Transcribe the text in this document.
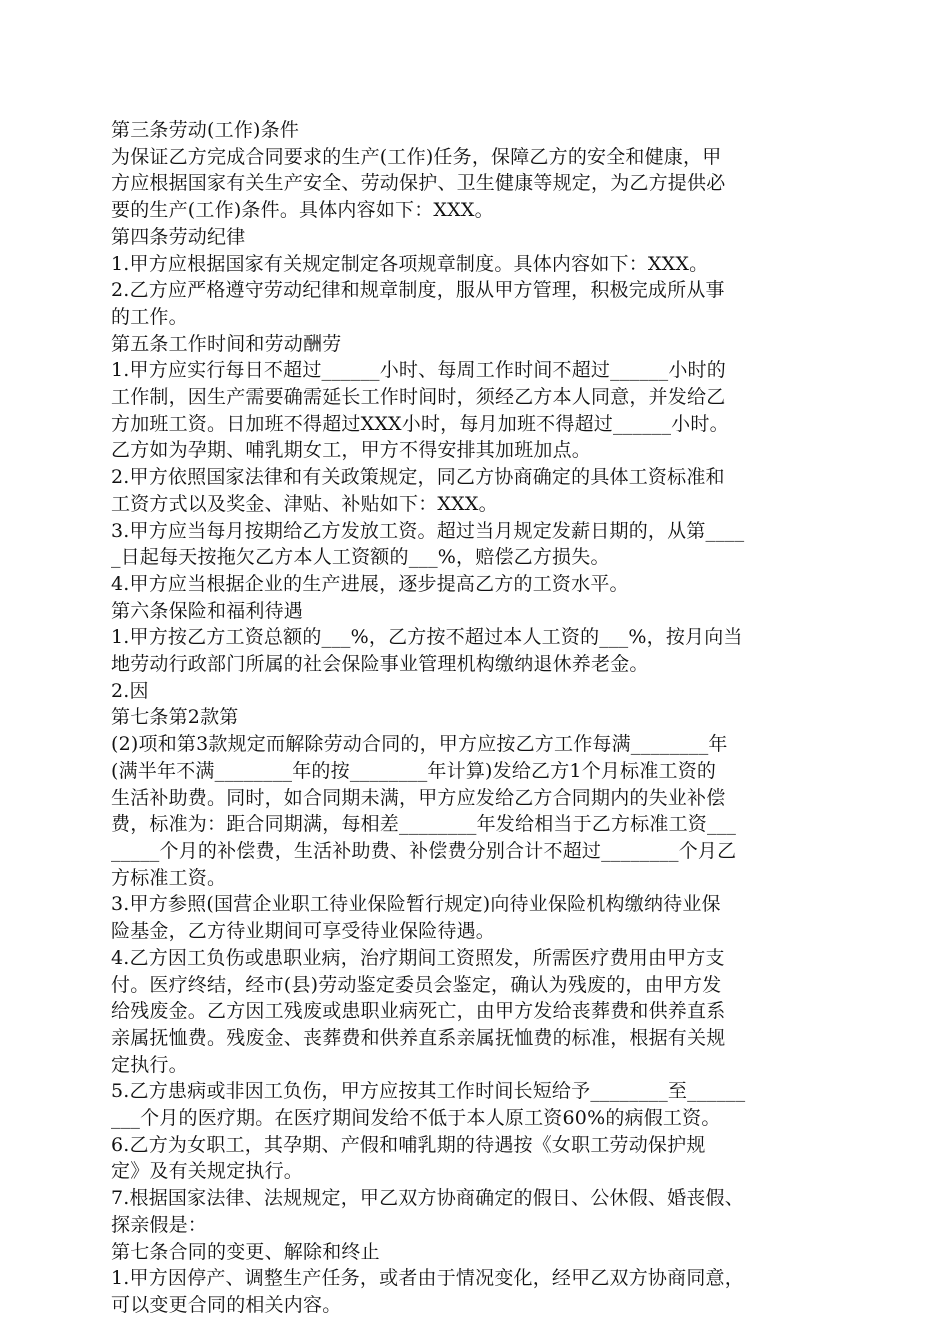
第三条劳动(工作)条件
为保证乙方完成合同要求的生产(工作)任务，保障乙方的安全和健康，甲
方应根据国家有关生产安全、劳动保护、卫生健康等规定，为乙方提供必
要的生产(工作)条件。具体内容如下：XXX。
第四条劳动纪律
1.甲方应根据国家有关规定制定各项规章制度。具体内容如下：XXX。
2.乙方应严格遵守劳动纪律和规章制度，服从甲方管理，积极完成所从事
的工作。
第五条工作时间和劳动酬劳
1.甲方应实行每日不超过______小时、每周工作时间不超过______小时的
工作制，因生产需要确需延长工作时间时，须经乙方本人同意，并发给乙
方加班工资。日加班不得超过XXX小时，每月加班不得超过______小时。
乙方如为孕期、哺乳期女工，甲方不得安排其加班加点。
2.甲方依照国家法律和有关政策规定，同乙方协商确定的具体工资标准和
工资方式以及奖金、津贴、补贴如下：XXX。
3.甲方应当每月按期给乙方发放工资。超过当月规定发薪日期的，从第____
_日起每天按拖欠乙方本人工资额的___%，赔偿乙方损失。
4.甲方应当根据企业的生产进展，逐步提高乙方的工资水平。
第六条保险和福利待遇
1.甲方按乙方工资总额的___%，乙方按不超过本人工资的___%，按月向当
地劳动行政部门所属的社会保险事业管理机构缴纳退休养老金。
2.因
第七条第2款第
(2)项和第3款规定而解除劳动合同的，甲方应按乙方工作每满________年
(满半年不满________年的按________年计算)发给乙方1个月标准工资的
生活补助费。同时，如合同期未满，甲方应发给乙方合同期内的失业补偿
费，标准为：距合同期满，每相差________年发给相当于乙方标准工资___
_____个月的补偿费，生活补助费、补偿费分别合计不超过________个月乙
方标准工资。
3.甲方参照(国营企业职工待业保险暂行规定)向待业保险机构缴纳待业保
险基金，乙方待业期间可享受待业保险待遇。
4.乙方因工负伤或患职业病，治疗期间工资照发，所需医疗费用由甲方支
付。医疗终结，经市(县)劳动鉴定委员会鉴定，确认为残废的，由甲方发
给残废金。乙方因工残废或患职业病死亡，由甲方发给丧葬费和供养直系
亲属抚恤费。残废金、丧葬费和供养直系亲属抚恤费的标准，根据有关规
定执行。
5.乙方患病或非因工负伤，甲方应按其工作时间长短给予________至______
___个月的医疗期。在医疗期间发给不低于本人原工资60%的病假工资。
6.乙方为女职工，其孕期、产假和哺乳期的待遇按《女职工劳动保护规
定》及有关规定执行。
7.根据国家法律、法规规定，甲乙双方协商确定的假日、公休假、婚丧假、
探亲假是：
第七条合同的变更、解除和终止
1.甲方因停产、调整生产任务，或者由于情况变化，经甲乙双方协商同意，
可以变更合同的相关内容。
